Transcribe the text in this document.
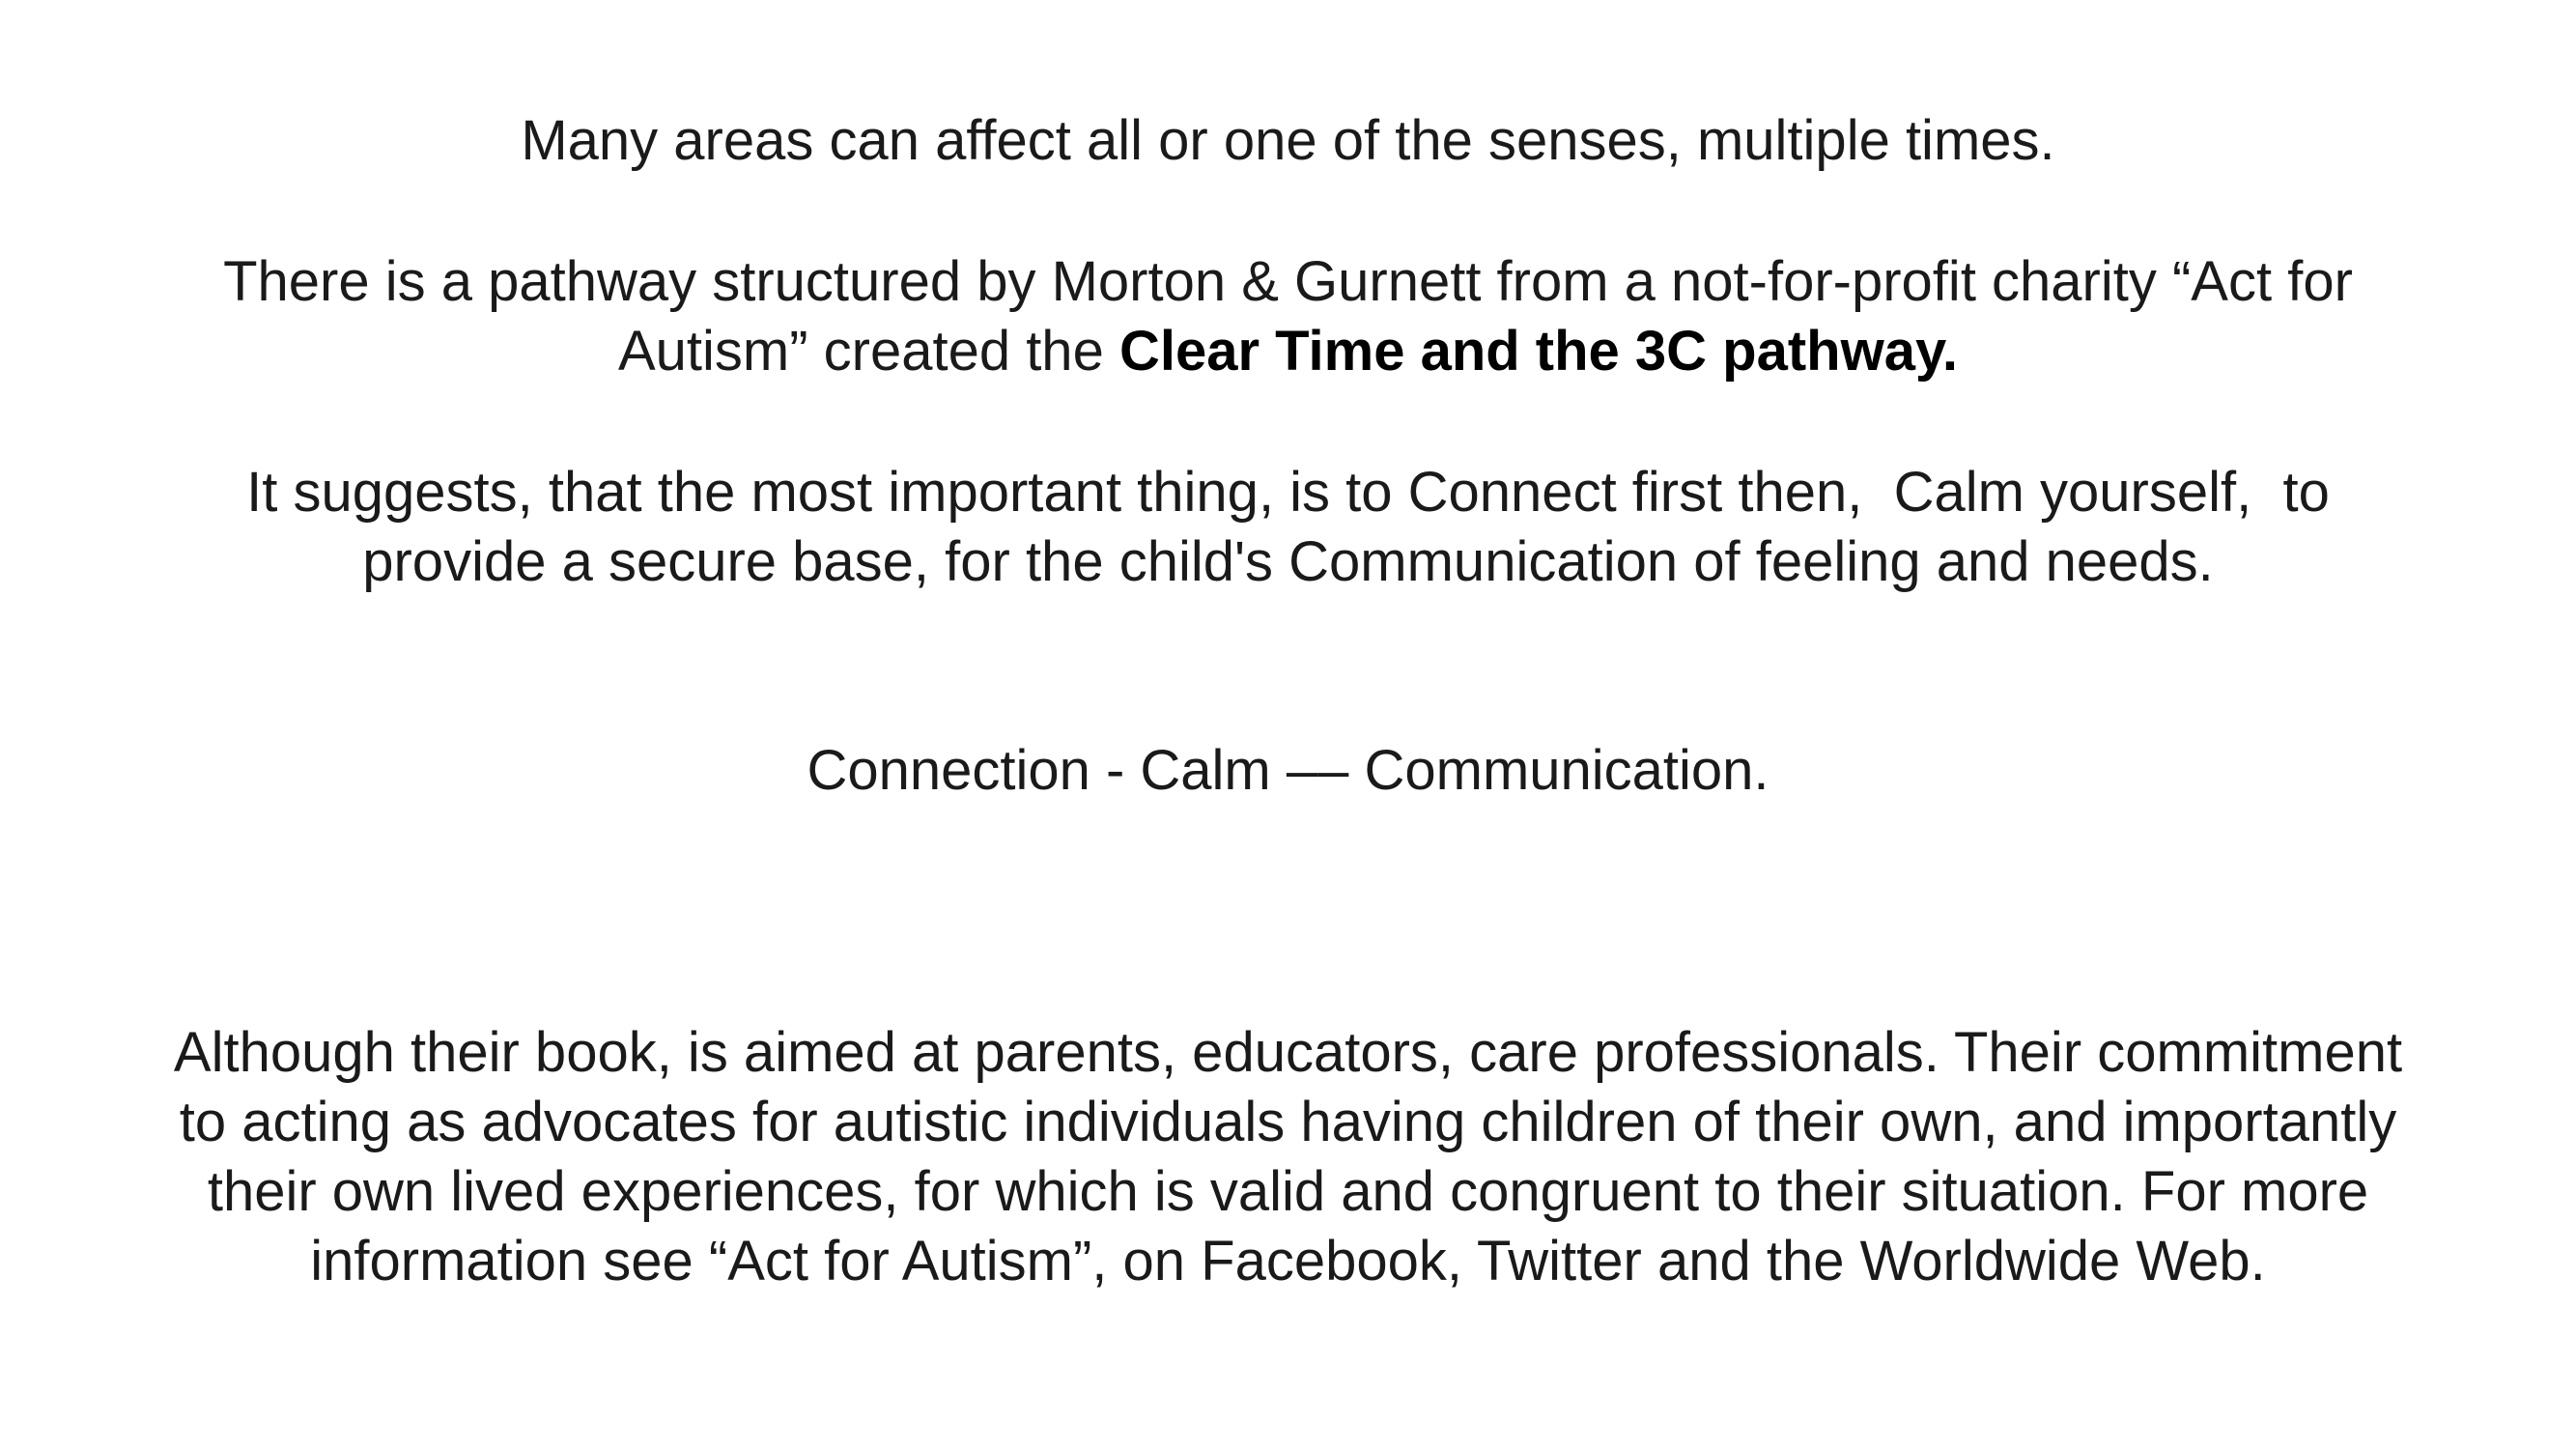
Many areas can affect all or one of the senses, multiple times.

There is a pathway structured by Morton & Gurnett from a not-for-profit charity “Act for
Autism” created the Clear Time and the 3C pathway.

It suggests, that the most important thing, is to Connect first then,  Calm yourself,  to
provide a secure base, for the child's Communication of feeling and needs.

Connection - Calm –– Communication.

Although their book, is aimed at parents, educators, care professionals. Their commitment
to acting as advocates for autistic individuals having children of their own, and importantly
their own lived experiences, for which is valid and congruent to their situation. For more
information see “Act for Autism”, on Facebook, Twitter and the Worldwide Web.
